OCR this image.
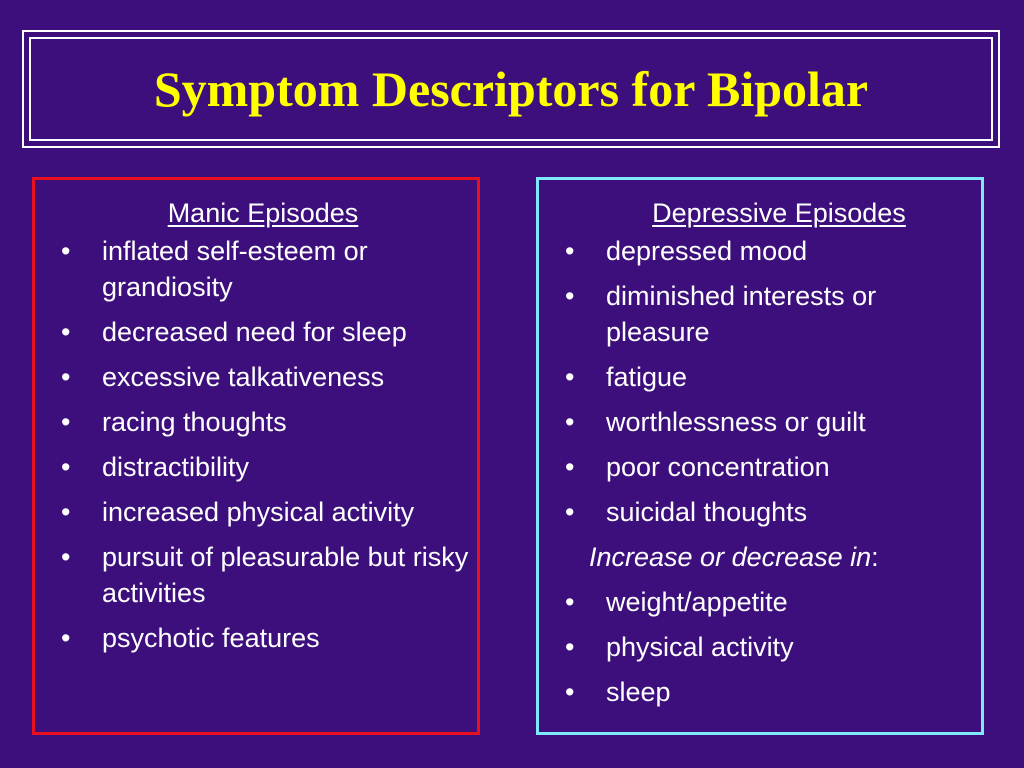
Symptom Descriptors for Bipolar
Manic Episodes
• inflated self-esteem or grandiosity
• decreased need for sleep
• excessive talkativeness
• racing thoughts
• distractibility
• increased physical activity
• pursuit of pleasurable but risky activities
• psychotic features
Depressive Episodes
• depressed mood
• diminished interests or pleasure
• fatigue
• worthlessness or guilt
• poor concentration
• suicidal thoughts
Increase or decrease in:
• weight/appetite
• physical activity
• sleep
